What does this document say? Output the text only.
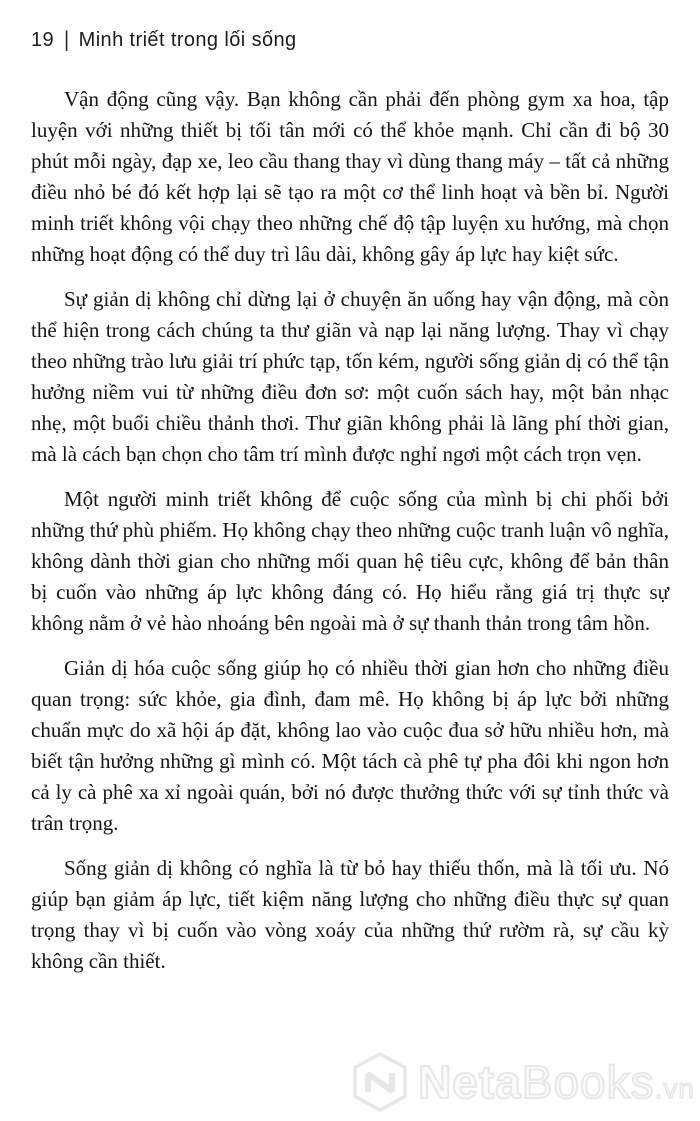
19 | Minh triết trong lối sống

Vận động cũng vậy. Bạn không cần phải đến phòng gym xa hoa, tập luyện với những thiết bị tối tân mới có thể khỏe mạnh. Chỉ cần đi bộ 30 phút mỗi ngày, đạp xe, leo cầu thang thay vì dùng thang máy – tất cả những điều nhỏ bé đó kết hợp lại sẽ tạo ra một cơ thể linh hoạt và bền bỉ. Người minh triết không vội chạy theo những chế độ tập luyện xu hướng, mà chọn những hoạt động có thể duy trì lâu dài, không gây áp lực hay kiệt sức.

Sự giản dị không chỉ dừng lại ở chuyện ăn uống hay vận động, mà còn thể hiện trong cách chúng ta thư giãn và nạp lại năng lượng. Thay vì chạy theo những trào lưu giải trí phức tạp, tốn kém, người sống giản dị có thể tận hưởng niềm vui từ những điều đơn sơ: một cuốn sách hay, một bản nhạc nhẹ, một buổi chiều thảnh thơi. Thư giãn không phải là lãng phí thời gian, mà là cách bạn chọn cho tâm trí mình được nghỉ ngơi một cách trọn vẹn.

Một người minh triết không để cuộc sống của mình bị chi phối bởi những thứ phù phiếm. Họ không chạy theo những cuộc tranh luận vô nghĩa, không dành thời gian cho những mối quan hệ tiêu cực, không để bản thân bị cuốn vào những áp lực không đáng có. Họ hiểu rằng giá trị thực sự không nằm ở vẻ hào nhoáng bên ngoài mà ở sự thanh thản trong tâm hồn.

Giản dị hóa cuộc sống giúp họ có nhiều thời gian hơn cho những điều quan trọng: sức khỏe, gia đình, đam mê. Họ không bị áp lực bởi những chuẩn mực do xã hội áp đặt, không lao vào cuộc đua sở hữu nhiều hơn, mà biết tận hưởng những gì mình có. Một tách cà phê tự pha đôi khi ngon hơn cả ly cà phê xa xỉ ngoài quán, bởi nó được thưởng thức với sự tỉnh thức và trân trọng.

Sống giản dị không có nghĩa là từ bỏ hay thiếu thốn, mà là tối ưu. Nó giúp bạn giảm áp lực, tiết kiệm năng lượng cho những điều thực sự quan trọng thay vì bị cuốn vào vòng xoáy của những thứ rườm rà, sự cầu kỳ không cần thiết.

NetaBooks.vn
